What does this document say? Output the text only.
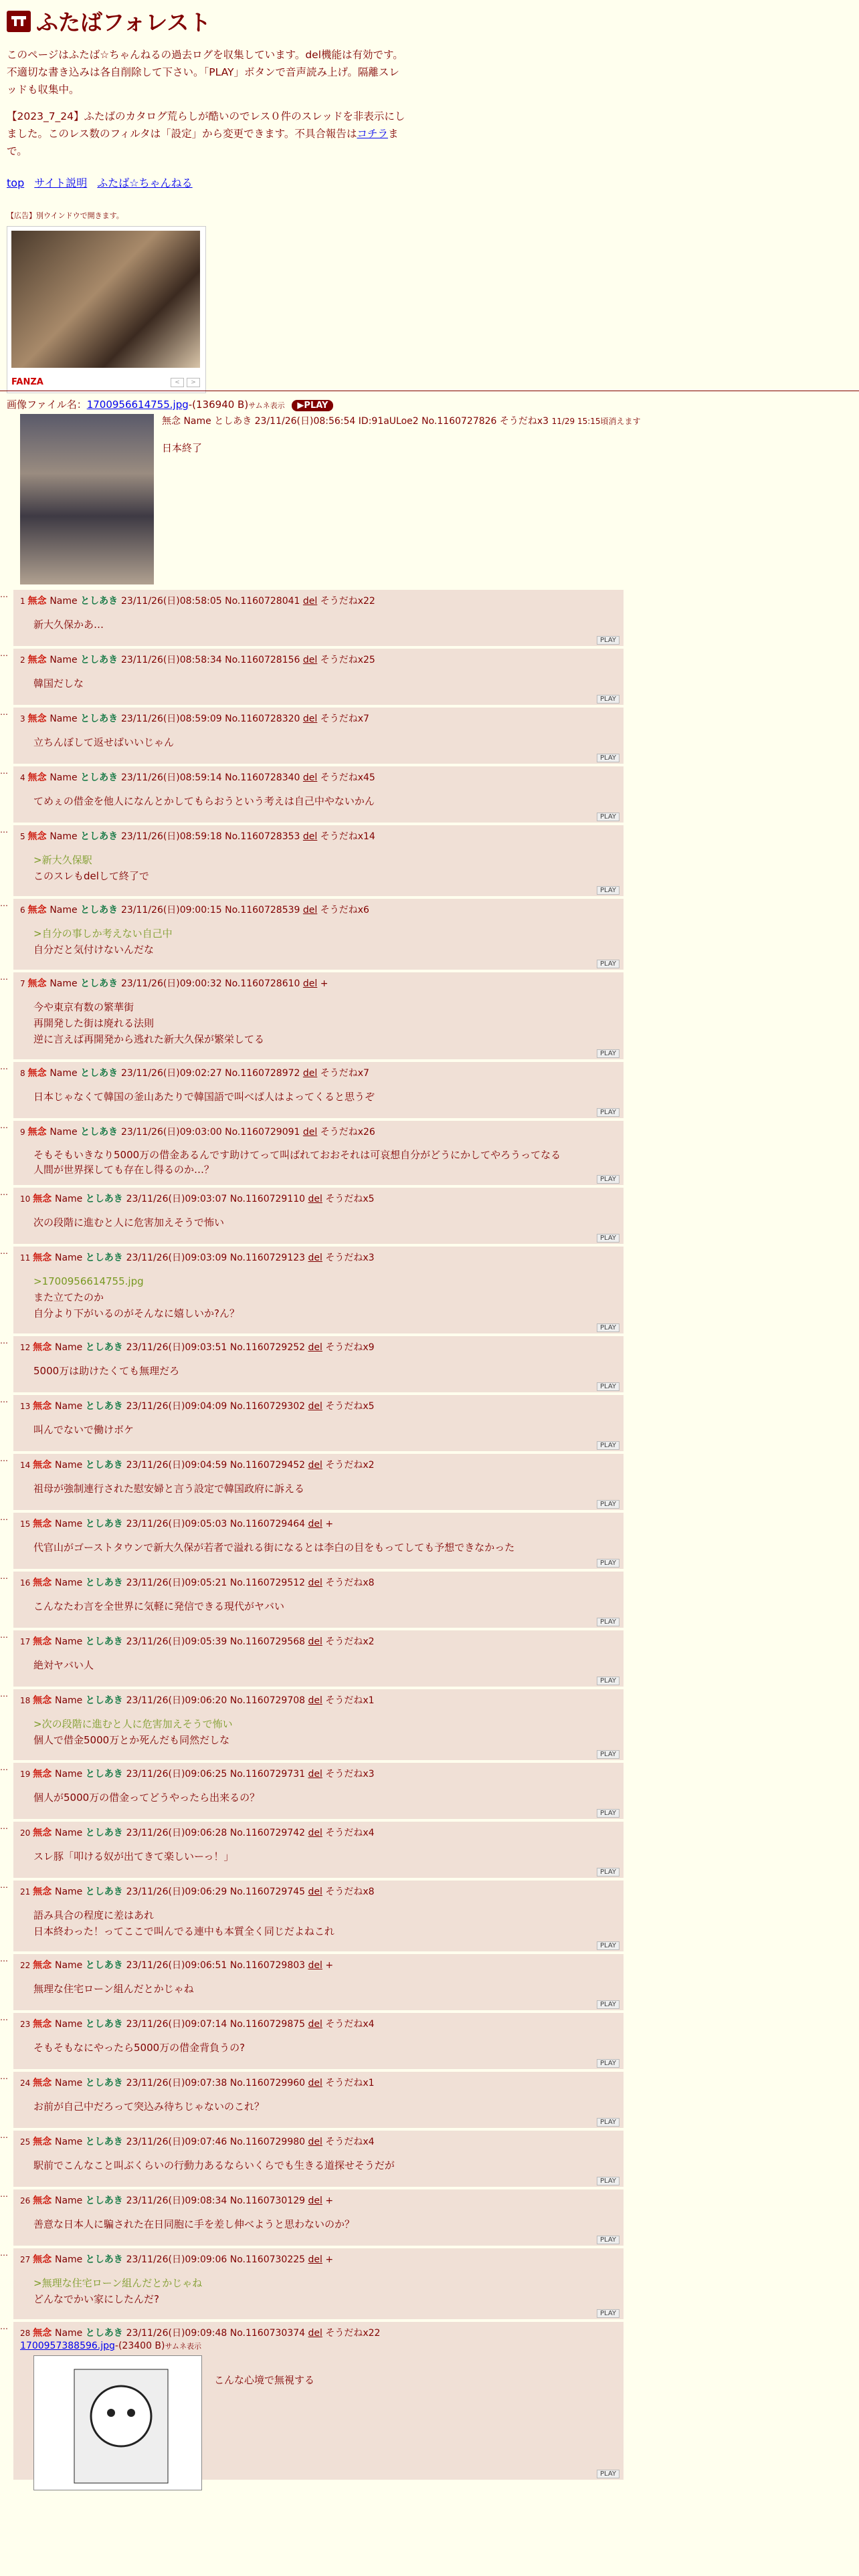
ふたばフォレスト

このページはふたば☆ちゃんねるの過去ログを収集しています。del機能は有効です。不適切な書き込みは各自削除して下さい。「PLAY」ボタンで音声読み上げ。隔離スレッドも収集中。

【2023_7_24】ふたばのカタログ荒らしが酷いのでレス０件のスレッドを非表示にしました。このレス数のフィルタは「設定」から変更できます。不具合報告はコチラまで。

top サイト説明 ふたば☆ちゃんねる
【広告】別ウインドウで開きます。
FANZA	<	>
画像ファイル名：1700956614755.jpg-(136940 B)サムネ表示 ▶PLAY
無念 Name としあき 23/11/26(日)08:56:54 ID:91aULoe2 No.1160727826 そうだねx3 11/29 15:15頃消えます
日本終了
…
1 無念 Name としあき 23/11/26(日)08:58:05 No.1160728041 del そうだねx22
新大久保かあ…
PLAY
…
2 無念 Name としあき 23/11/26(日)08:58:34 No.1160728156 del そうだねx25
韓国だしな
PLAY
…
3 無念 Name としあき 23/11/26(日)08:59:09 No.1160728320 del そうだねx7
立ちんぼして返せばいいじゃん
PLAY
…
4 無念 Name としあき 23/11/26(日)08:59:14 No.1160728340 del そうだねx45
てめぇの借金を他人になんとかしてもらおうという考えは自己中やないかん
PLAY
…
5 無念 Name としあき 23/11/26(日)08:59:18 No.1160728353 del そうだねx14
>新大久保駅
このスレもdelして終了で
PLAY
…
6 無念 Name としあき 23/11/26(日)09:00:15 No.1160728539 del そうだねx6
>自分の事しか考えない自己中
自分だと気付けないんだな
PLAY
…
7 無念 Name としあき 23/11/26(日)09:00:32 No.1160728610 del +
今や東京有数の繁華街
再開発した街は廃れる法則
逆に言えば再開発から逃れた新大久保が繁栄してる
PLAY
…
8 無念 Name としあき 23/11/26(日)09:02:27 No.1160728972 del そうだねx7
日本じゃなくて韓国の釜山あたりで韓国語で叫べば人はよってくると思うぞ
PLAY
…
9 無念 Name としあき 23/11/26(日)09:03:00 No.1160729091 del そうだねx26
そもそもいきなり5000万の借金あるんです助けてって叫ばれておおそれは可哀想自分がどうにかしてやろうってなる人間が世界探しても存在し得るのか…？
PLAY
…
10 無念 Name としあき 23/11/26(日)09:03:07 No.1160729110 del そうだねx5
次の段階に進むと人に危害加えそうで怖い
PLAY
…
11 無念 Name としあき 23/11/26(日)09:03:09 No.1160729123 del そうだねx3
>1700956614755.jpg
また立てたのか
自分より下がいるのがそんなに嬉しいか?ん？
PLAY
…
12 無念 Name としあき 23/11/26(日)09:03:51 No.1160729252 del そうだねx9
5000万は助けたくても無理だろ
PLAY
…
13 無念 Name としあき 23/11/26(日)09:04:09 No.1160729302 del そうだねx5
叫んでないで働けボケ
PLAY
…
14 無念 Name としあき 23/11/26(日)09:04:59 No.1160729452 del そうだねx2
祖母が強制連行された慰安婦と言う設定で韓国政府に訴える
PLAY
…
15 無念 Name としあき 23/11/26(日)09:05:03 No.1160729464 del +
代官山がゴーストタウンで新大久保が若者で溢れる街になるとは李白の目をもってしても予想できなかった
PLAY
…
16 無念 Name としあき 23/11/26(日)09:05:21 No.1160729512 del そうだねx8
こんなたわ言を全世界に気軽に発信できる現代がヤバい
PLAY
…
17 無念 Name としあき 23/11/26(日)09:05:39 No.1160729568 del そうだねx2
絶対ヤバい人
PLAY
…
18 無念 Name としあき 23/11/26(日)09:06:20 No.1160729708 del そうだねx1
>次の段階に進むと人に危害加えそうで怖い
個人で借金5000万とか死んだも同然だしな
PLAY
…
19 無念 Name としあき 23/11/26(日)09:06:25 No.1160729731 del そうだねx3
個人が5000万の借金ってどうやったら出来るの？
PLAY
…
20 無念 Name としあき 23/11/26(日)09:06:28 No.1160729742 del そうだねx4
スレ豚「叩ける奴が出てきて楽しいーっ！」
PLAY
…
21 無念 Name としあき 23/11/26(日)09:06:29 No.1160729745 del そうだねx8
語み具合の程度に差はあれ
日本終わった！ってここで叫んでる連中も本質全く同じだよねこれ
PLAY
…
22 無念 Name としあき 23/11/26(日)09:06:51 No.1160729803 del +
無理な住宅ローン組んだとかじゃね
PLAY
…
23 無念 Name としあき 23/11/26(日)09:07:14 No.1160729875 del そうだねx4
そもそもなにやったら5000万の借金背負うの?
PLAY
…
24 無念 Name としあき 23/11/26(日)09:07:38 No.1160729960 del そうだねx1
お前が自己中だろって突込み待ちじゃないのこれ？
PLAY
…
25 無念 Name としあき 23/11/26(日)09:07:46 No.1160729980 del そうだねx4
駅前でこんなこと叫ぶくらいの行動力あるならいくらでも生きる道探せそうだが
PLAY
…
26 無念 Name としあき 23/11/26(日)09:08:34 No.1160730129 del +
善意な日本人に騙された在日同胞に手を差し伸べようと思わないのか？
PLAY
…
27 無念 Name としあき 23/11/26(日)09:09:06 No.1160730225 del +
>無理な住宅ローン組んだとかじゃね
どんなでかい家にしたんだ?
PLAY
…
28 無念 Name としあき 23/11/26(日)09:09:48 No.1160730374 del そうだねx22
1700957388596.jpg-(23400 B)サムネ表示
こんな心境で無視する
PLAY
